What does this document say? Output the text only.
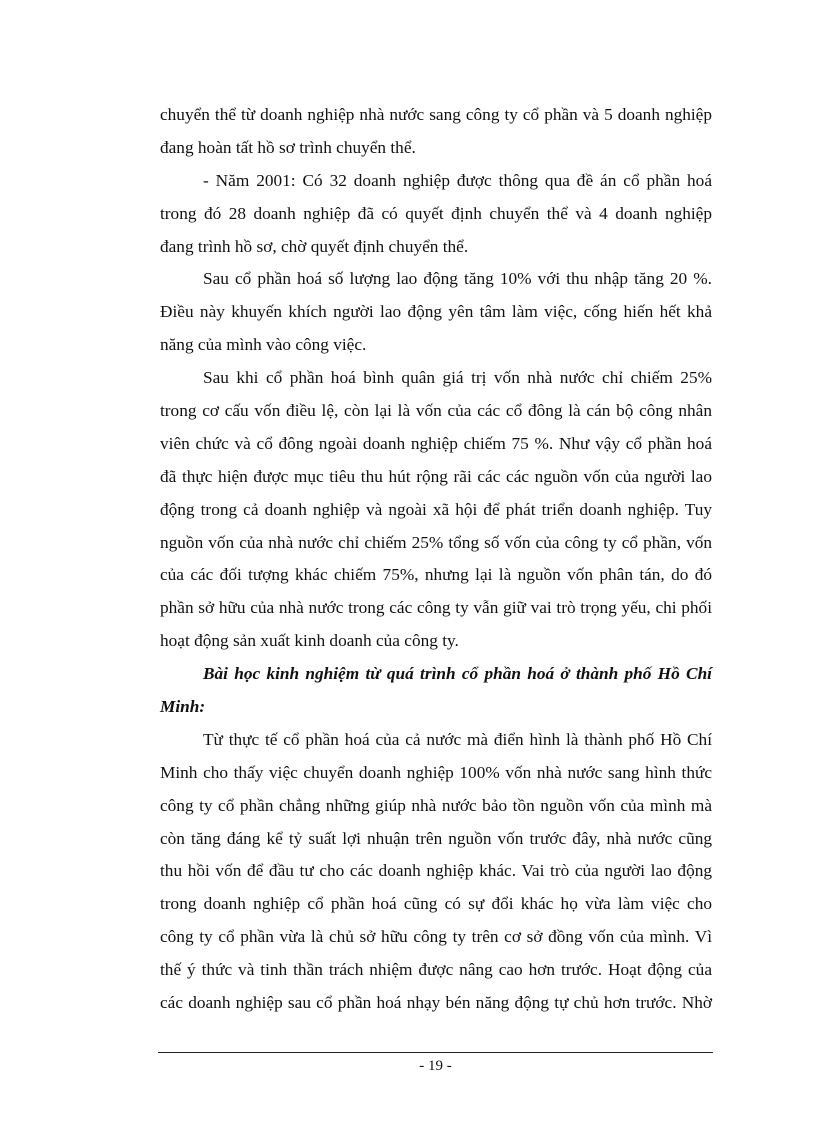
chuyển thể từ doanh nghiệp nhà nước sang công ty cổ phần và 5 doanh nghiệp
đang hoàn tất hồ sơ trình chuyển thể.
- Năm 2001: Có 32 doanh nghiệp được thông qua đề án cổ phần hoá
trong đó 28 doanh nghiệp đã có quyết định chuyển thể và 4 doanh nghiệp
đang trình hồ sơ, chờ quyết định chuyển thể.
Sau cổ phần hoá số lượng lao động tăng 10% với thu nhập tăng 20 %.
Điều này khuyến khích người lao động yên tâm làm việc, cống hiến hết khả
năng của mình vào công việc.
Sau khi cổ phần hoá bình quân giá trị vốn nhà nước chỉ chiếm 25%
trong cơ cấu vốn điều lệ, còn lại là vốn của các cổ đông là cán bộ công nhân
viên chức và cổ đông ngoài doanh nghiệp chiếm 75 %. Như vậy cổ phần hoá
đã thực hiện được mục tiêu thu hút rộng rãi các các nguồn vốn của người lao
động trong cả doanh nghiệp và ngoài xã hội để phát triển doanh nghiệp. Tuy
nguồn vốn của nhà nước chỉ chiếm 25% tổng số vốn của công ty cổ phần, vốn
của các đối tượng khác chiếm 75%, nhưng lại là nguồn vốn phân tán, do đó
phần sở hữu của nhà nước trong các công ty vẫn giữ vai trò trọng yếu, chi phối
hoạt động sản xuất kinh doanh của công ty.
Bài học kinh nghiệm từ quá trình cổ phần hoá ở thành phố Hồ Chí
Minh:
Từ thực tế cổ phần hoá của cả nước mà điển hình là thành phố Hồ Chí
Minh cho thấy việc chuyển doanh nghiệp 100% vốn nhà nước sang hình thức
công ty cổ phần chẳng những giúp nhà nước bảo tồn nguồn vốn của mình mà
còn tăng đáng kể tỷ suất lợi nhuận trên nguồn vốn trước đây, nhà nước cũng
thu hồi vốn để đầu tư cho các doanh nghiệp khác. Vai trò của người lao động
trong doanh nghiệp cổ phần hoá cũng có sự đổi khác họ vừa làm việc cho
công ty cổ phần vừa là chủ sở hữu công ty trên cơ sở đồng vốn của mình. Vì
thế ý thức và tinh thần trách nhiệm được nâng cao hơn trước. Hoạt động của
các doanh nghiệp sau cổ phần hoá nhạy bén năng động tự chủ hơn trước. Nhờ
- 19 -
